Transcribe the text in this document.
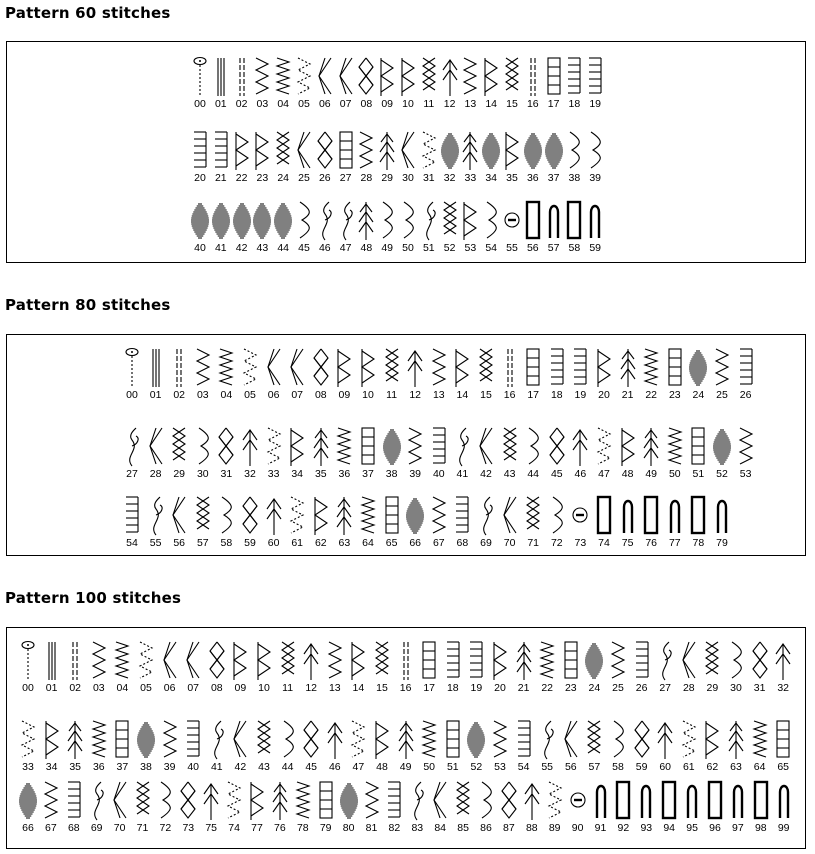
Pattern 60 stitches
00 01 02 03 04 05 06 07 08 09 10 11 12 13 14 15 16 17 18 19
20 21 22 23 24 25 26 27 28 29 30 31 32 33 34 35 36 37 38 39
40 41 42 43 44 45 46 47 48 49 50 51 52 53 54 55 56 57 58 59
Pattern 80 stitches
00	01	02	03	04	05	06	07	08	09	10	11	12	13	14	15	16	17	18	19	20	21	22	23	24	25	26
27	28	29	30	31	32	33	34	35	36	37	38	39	40	41	42	43	44	45	46	47	48	49	50	51	52	53
54	55	56	57	58	59	60	61	62	63	64	65	66	67	68	69	70	71	72	73	74	75	76	77	78	79
Pattern 100 stitches
00	01	02	03	04	05	06	07	08	09	10	11	12	13	14	15	16	17	18	19	20	21	22	23	24	25	26	27	28	29	30	31	32
33	34	35	36	37	38	39	40	41	42	43	44	45	46	47	48	49	50	51	52	53	54	55	56	57	58	59	60	61	62	63	64	65
66	67	68	69	70	71	72	73	75	74	77	76	78	79	80	81	82	83	84	85	86	87	88	89	90	91	92	93	94	95	96	97	98	99
